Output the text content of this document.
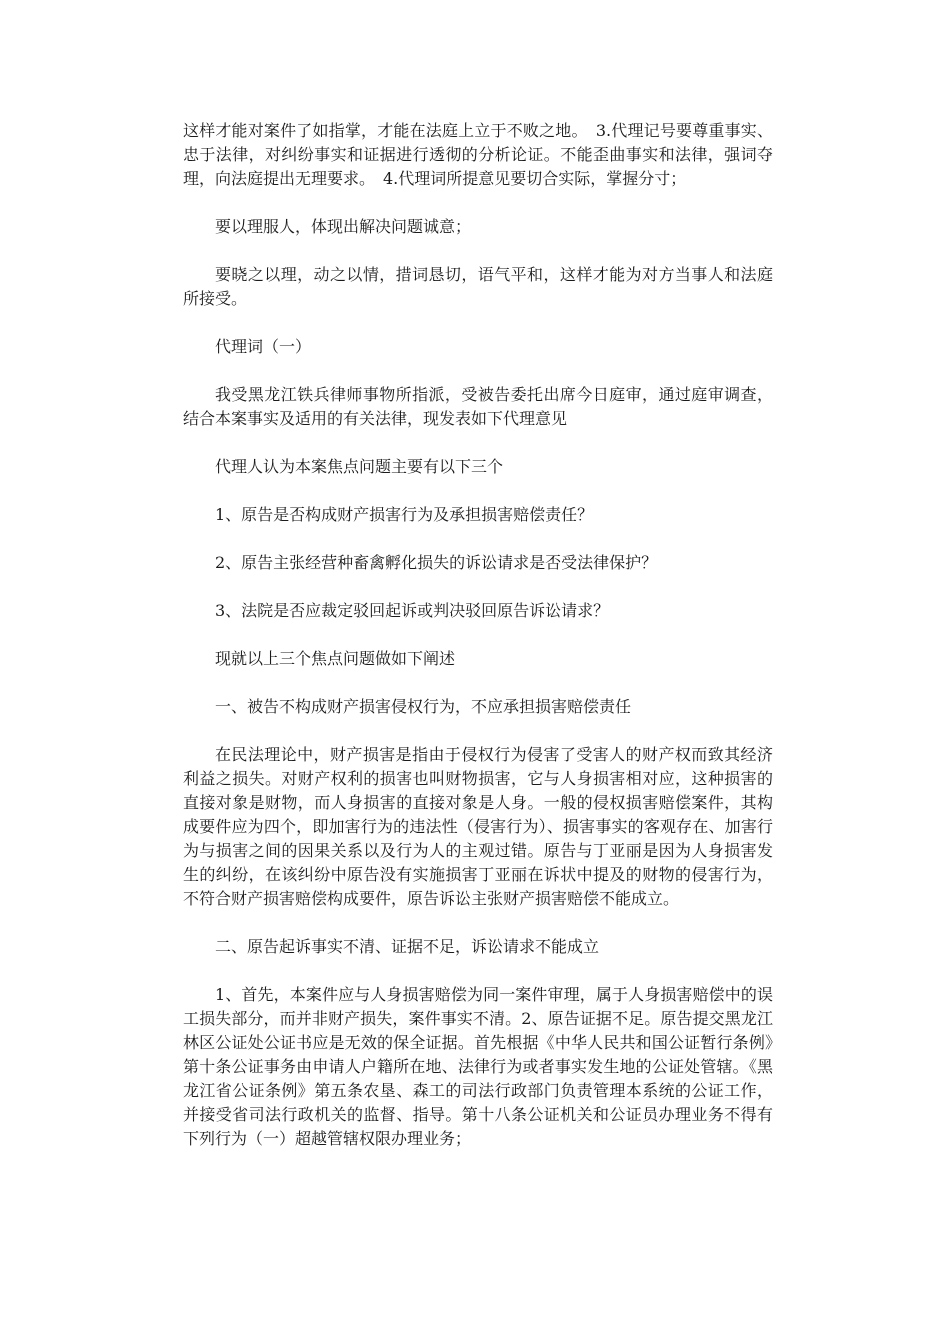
这样才能对案件了如指掌，才能在法庭上立于不败之地。　3.代理记号要尊重事实、忠于法律，对纠纷事实和证据进行透彻的分析论证。不能歪曲事实和法律，强词夺理，向法庭提出无理要求。　4.代理词所提意见要切合实际，掌握分寸；

要以理服人，体现出解决问题诚意；

要晓之以理，动之以情，措词恳切，语气平和，这样才能为对方当事人和法庭所接受。

代理词（一）

我受黑龙江铁兵律师事物所指派，受被告委托出席今日庭审，通过庭审调查，结合本案事实及适用的有关法律，现发表如下代理意见

代理人认为本案焦点问题主要有以下三个

1、原告是否构成财产损害行为及承担损害赔偿责任？

2、原告主张经营种畜禽孵化损失的诉讼请求是否受法律保护？

3、法院是否应裁定驳回起诉或判决驳回原告诉讼请求？

现就以上三个焦点问题做如下阐述

一、被告不构成财产损害侵权行为，不应承担损害赔偿责任

在民法理论中，财产损害是指由于侵权行为侵害了受害人的财产权而致其经济利益之损失。对财产权利的损害也叫财物损害，它与人身损害相对应，这种损害的直接对象是财物，而人身损害的直接对象是人身。一般的侵权损害赔偿案件，其构成要件应为四个，即加害行为的违法性（侵害行为）、损害事实的客观存在、加害行为与损害之间的因果关系以及行为人的主观过错。原告与丁亚丽是因为人身损害发生的纠纷，在该纠纷中原告没有实施损害丁亚丽在诉状中提及的财物的侵害行为，不符合财产损害赔偿构成要件，原告诉讼主张财产损害赔偿不能成立。

二、原告起诉事实不清、证据不足，诉讼请求不能成立

1、首先，本案件应与人身损害赔偿为同一案件审理，属于人身损害赔偿中的误工损失部分，而并非财产损失，案件事实不清。2、原告证据不足。原告提交黑龙江林区公证处公证书应是无效的保全证据。首先根据《中华人民共和国公证暂行条例》第十条公证事务由申请人户籍所在地、法律行为或者事实发生地的公证处管辖。《黑龙江省公证条例》第五条农垦、森工的司法行政部门负责管理本系统的公证工作，并接受省司法行政机关的监督、指导。第十八条公证机关和公证员办理业务不得有下列行为（一）超越管辖权限办理业务；
